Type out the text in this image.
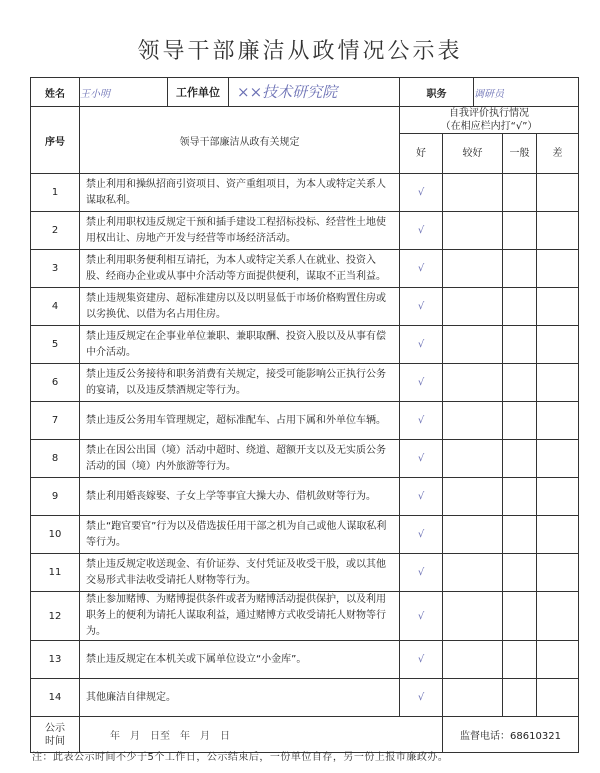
领导干部廉洁从政情况公示表
姓名	王小明	工作单位 ××技术研究院	职务		调研员		
序号	领导干部廉洁从政有关规定		自我评价执行情况
（在相应栏内打“√”）				

			好	较好		一般	差
1	禁止利用和操纵招商引资项目、资产重组项目，为本人或特定关系人谋取私利。		√				
2	禁止利用职权违反规定干预和插手建设工程招标投标、经营性土地使用权出让、房地产开发与经营等市场经济活动。		√				
3	禁止利用职务便利相互请托，为本人或特定关系人在就业、投资入股、经商办企业或从事中介活动等方面提供便利，谋取不正当利益。		√				
4	禁止违规集资建房、超标准建房以及以明显低于市场价格购置住房或以劣换优、以借为名占用住房。		√				
5	禁止违反规定在企事业单位兼职、兼职取酬、投资入股以及从事有偿中介活动。		√				
6	禁止违反公务接待和职务消费有关规定，接受可能影响公正执行公务的宴请，以及违反禁酒规定等行为。		√				
7	禁止违反公务用车管理规定，超标准配车、占用下属和外单位车辆。		√				
8	禁止在因公出国（境）活动中超时、绕道、超额开支以及无实质公务活动的国（境）内外旅游等行为。		√				
9	禁止利用婚丧嫁娶、子女上学等事宜大操大办、借机敛财等行为。		√				
10	禁止“跑官要官”行为以及借选拔任用干部之机为自己或他人谋取私利等行为。		√				
11	禁止违反规定收送现金、有价证券、支付凭证及收受干股，或以其他交易形式非法收受请托人财物等行为。		√				
12	禁止参加赌博、为赌博提供条件或者为赌博活动提供保护，以及利用职务上的便利为请托人谋取利益，通过赌博方式收受请托人财物等行为。		√				
13	禁止违反规定在本机关或下属单位设立“小金库”。		√				
14	其他廉洁自律规定。		√				

公示
时间	年　月　日至　年　月　日			监督电话：68610321			
注：此表公示时间不少于5个工作日，公示结束后，一份单位自存，另一份上报市廉政办。
